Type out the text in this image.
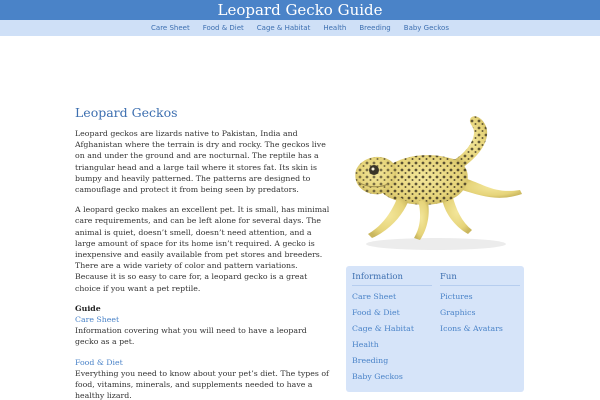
Leopard Gecko Guide
Care Sheet Food & Diet Cage & Habitat Health Breeding Baby Geckos
Leopard Geckos

Leopard geckos are lizards native to Pakistan, India and Afghanistan where the terrain is dry and rocky. The geckos live on and under the ground and are nocturnal. The reptile has a triangular head and a large tail where it stores fat. Its skin is bumpy and heavily patterned. The patterns are designed to camouflage and protect it from being seen by predators.

A leopard gecko makes an excellent pet. It is small, has minimal care requirements, and can be left alone for several days. The animal is quiet, doesn’t smell, doesn’t need attention, and a large amount of space for its home isn’t required. A gecko is inexpensive and easily available from pet stores and breeders. There are a wide variety of color and pattern variations. Because it is so easy to care for, a leopard gecko is a great choice if you want a pet reptile.

Guide
Care Sheet
Information covering what you will need to have a leopard gecko as a pet.
Food & Diet
Everything you need to know about your pet’s diet. The types of food, vitamins, minerals, and supplements needed to have a healthy lizard.
Information
Care Sheet
Food & Diet
Cage & Habitat
Health
Breeding
Baby Geckos
Fun
Pictures
Graphics
Icons & Avatars
